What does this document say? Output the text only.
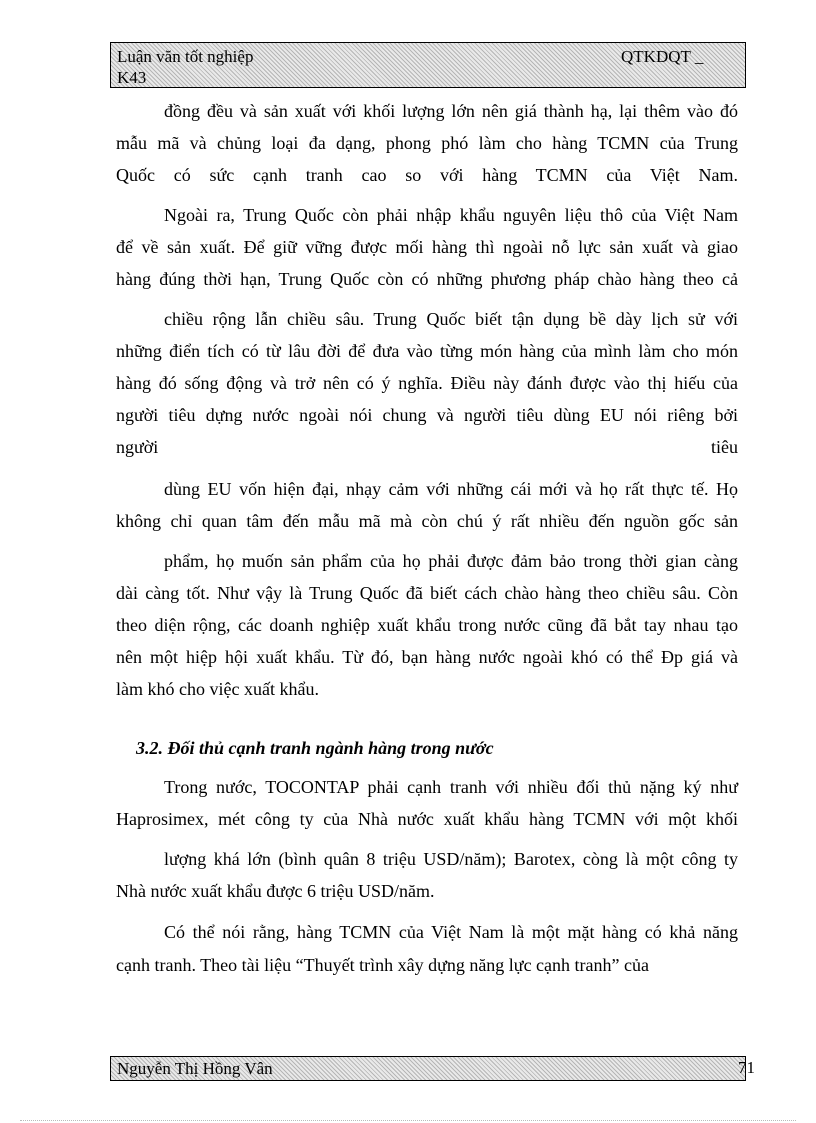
Luận văn tốt nghiệp	QTKDQT _
K43
đồng đều và sản xuất với khối lượng lớn nên giá thành hạ, lại thêm vào đó
mẫu mã và chủng loại đa dạng, phong phó làm cho hàng TCMN của Trung
Quốc có sức cạnh tranh cao so với hàng TCMN của Việt Nam.
Ngoài ra, Trung Quốc còn phải nhập khẩu nguyên liệu thô của Việt Nam
để về sản xuất. Để giữ vững được mối hàng thì ngoài nỗ lực sản xuất và giao
hàng đúng thời hạn, Trung Quốc còn có những phương pháp chào hàng theo cả
chiều rộng lẫn chiều sâu. Trung Quốc biết tận dụng bề dày lịch sử với
những điển tích có từ lâu đời để đưa vào từng món hàng của mình làm cho món
hàng đó sống động và trở nên có ý nghĩa. Điều này đánh được vào thị hiếu của
người tiêu dựng nước ngoài nói chung và người tiêu dùng EU nói riêng bởi
người	tiêu
dùng EU vốn hiện đại, nhạy cảm với những cái mới và họ rất thực tế. Họ
không chỉ quan tâm đến mẫu mã mà còn chú ý rất nhiều đến nguồn gốc sản
phẩm, họ muốn sản phẩm của họ phải được đảm bảo trong thời gian càng
dài càng tốt. Như vậy là Trung Quốc đã biết cách chào hàng theo chiều sâu. Còn
theo diện rộng, các doanh nghiệp xuất khẩu trong nước cũng đã bắt tay nhau tạo
nên một hiệp hội xuất khẩu. Từ đó, bạn hàng nước ngoài khó có thể Đp giá và
làm khó cho việc xuất khẩu.
3.2. Đối thủ cạnh tranh ngành hàng trong nước
Trong nước, TOCONTAP phải cạnh tranh với nhiều đối thủ nặng ký như
Haprosimex, mét công ty của Nhà nước xuất khẩu hàng TCMN với một khối
lượng khá lớn (bình quân 8 triệu USD/năm); Barotex, còng là một công ty
Nhà nước xuất khẩu được 6 triệu USD/năm.
Có thể nói rằng, hàng TCMN của Việt Nam là một mặt hàng có khả năng
cạnh tranh. Theo tài liệu “Thuyết trình xây dựng năng lực cạnh tranh” của
Nguyễn Thị Hồng Vân	71
